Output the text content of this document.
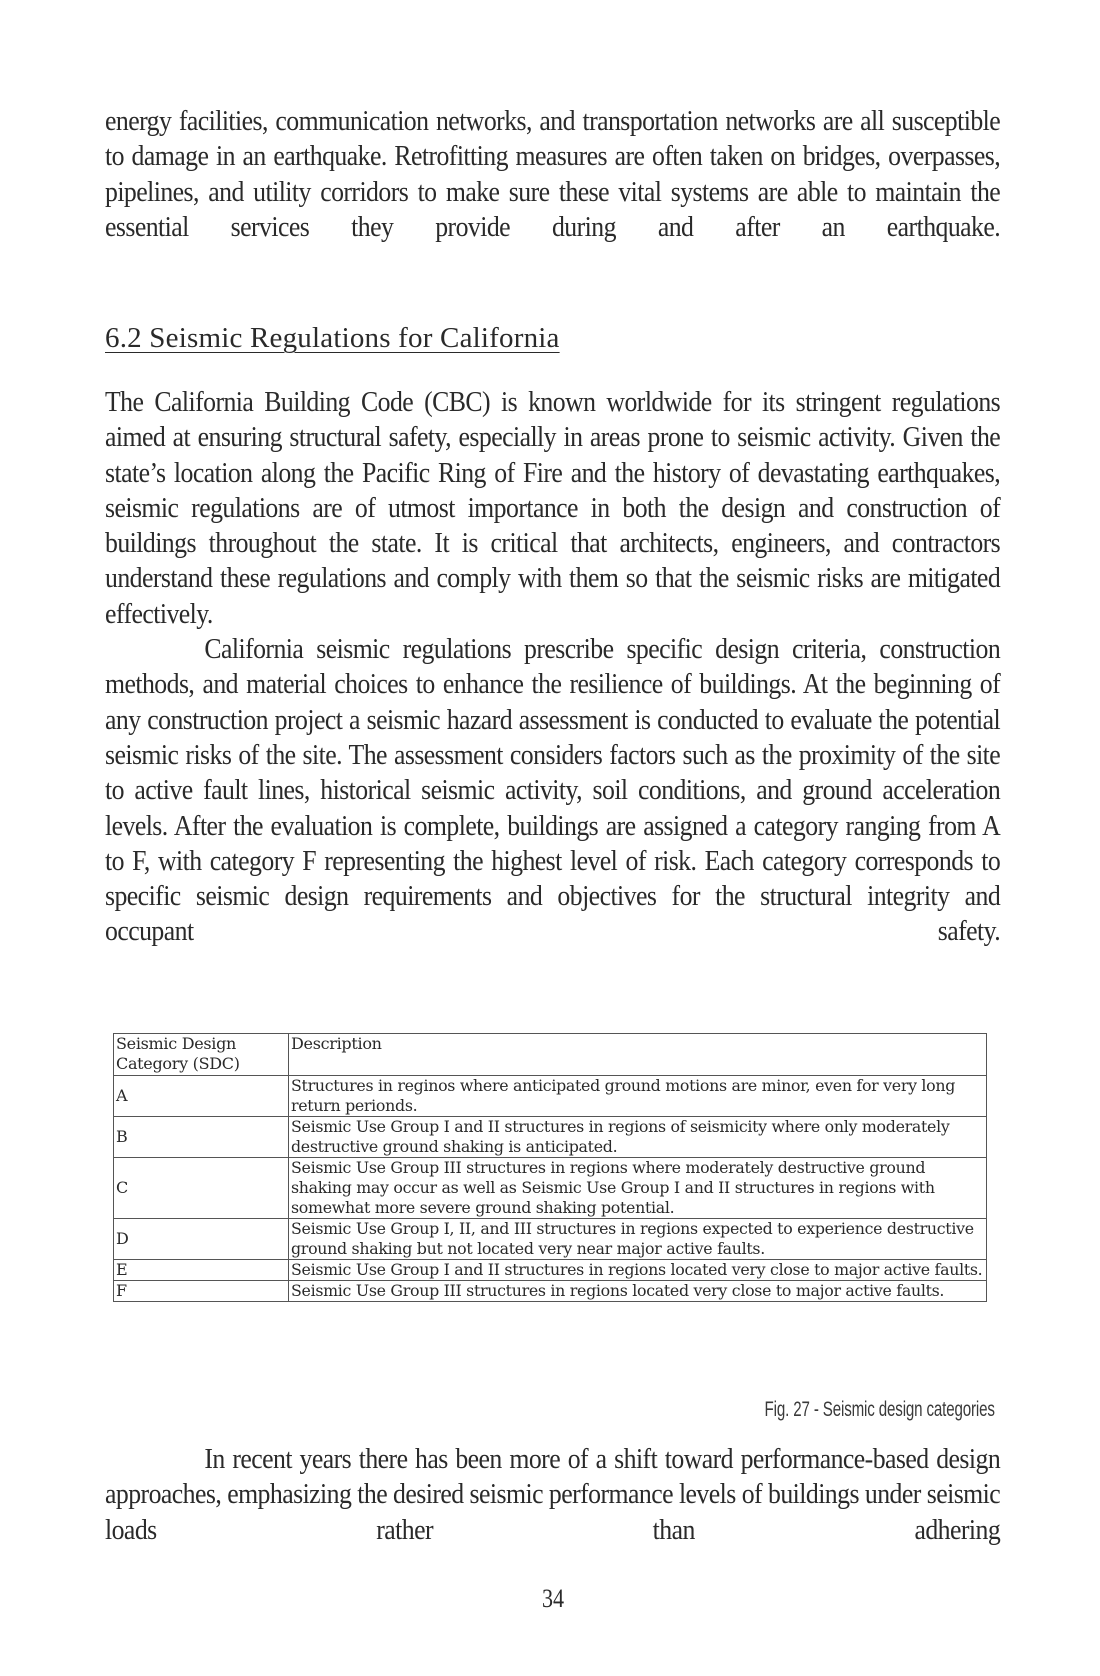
energy facilities, communication networks, and transportation networks are all susceptible to damage in an earthquake. Retrofitting measures are often taken on bridges, overpasses, pipelines, and utility corridors to make sure these vital systems are able to maintain the essential services they provide during and after an earthquake.

6.2 Seismic Regulations for California

The California Building Code (CBC) is known worldwide for its stringent regulations aimed at ensuring structural safety, especially in areas prone to seismic activity. Given the state’s location along the Pacific Ring of Fire and the history of devastating earthquakes, seismic regulations are of utmost importance in both the design and construction of buildings throughout the state. It is critical that architects, engineers, and contractors understand these regulations and comply with them so that the seismic risks are mitigated effectively.

California seismic regulations prescribe specific design criteria, construction methods, and material choices to enhance the resilience of buildings. At the beginning of any construction project a seismic hazard assessment is conducted to evaluate the potential seismic risks of the site. The assessment considers factors such as the proximity of the site to active fault lines, historical seismic activity, soil conditions, and ground acceleration levels. After the evaluation is complete, buildings are assigned a category ranging from A to F, with category F representing the highest level of risk. Each category corresponds to specific seismic design requirements and objectives for the structural integrity and occupant safety.

Seismic Design Category (SDC)	Description
A	Structures in reginos where anticipated ground motions are minor, even for very long return perionds.
B	Seismic Use Group I and II structures in regions of seismicity where only moderately destructive ground shaking is anticipated.
C	Seismic Use Group III structures in regions where moderately destructive ground shaking may occur as well as Seismic Use Group I and II structures in regions with somewhat more severe ground shaking potential.
D	Seismic Use Group I, II, and III structures in regions expected to experience destructive ground shaking but not located very near major active faults.
E	Seismic Use Group I and II structures in regions located very close to major active faults.
F	Seismic Use Group III structures in regions located very close to major active faults.
Fig. 27 - Seismic design categories

In recent years there has been more of a shift toward performance-based design approaches, emphasizing the desired seismic performance levels of buildings under seismic loads rather than adhering

34
